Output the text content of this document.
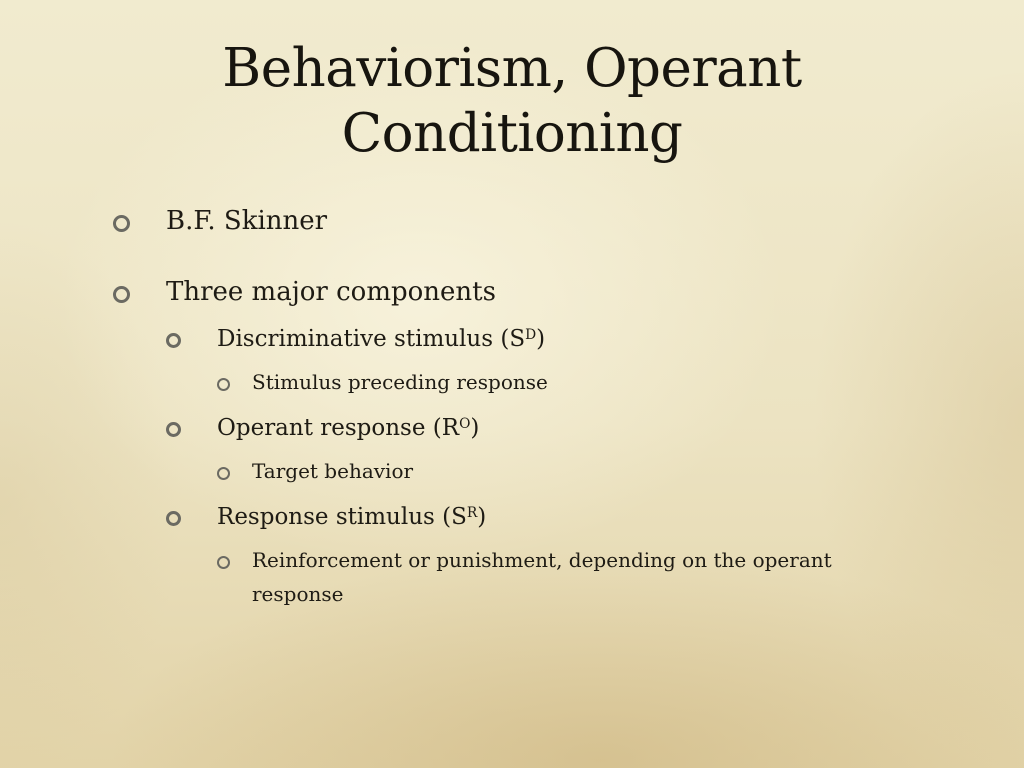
Behaviorism, Operant
Conditioning
B.F. Skinner
Three major components
Discriminative stimulus $(S^D)$
Stimulus preceding response
Operant response $(R^O)$
Target behavior
Response stimulus $(S^R)$
Reinforcement or punishment, depending on the operant response
